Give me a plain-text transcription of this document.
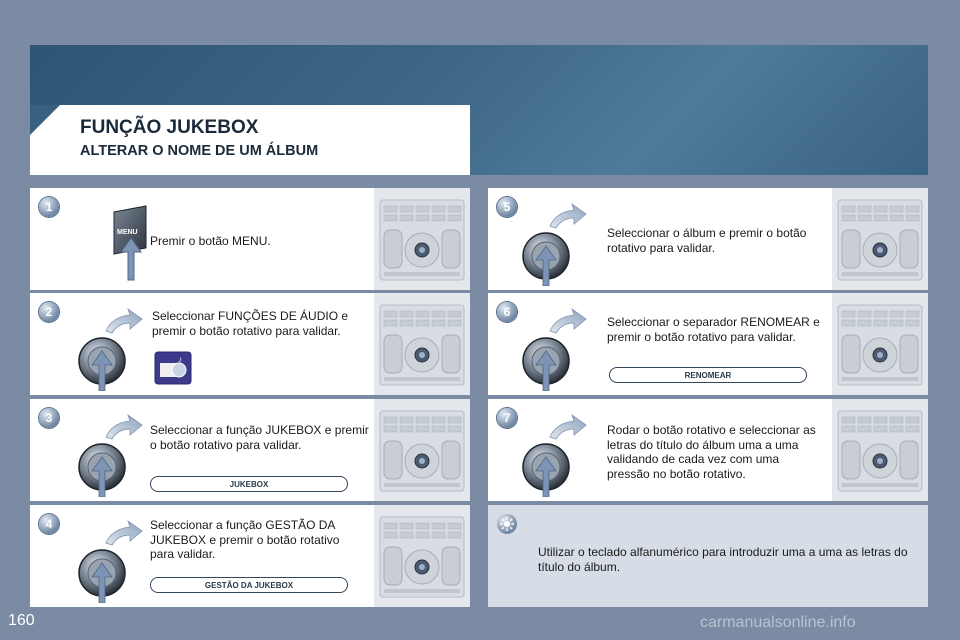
FUNÇÃO JUKEBOX
ALTERAR O NOME DE UM ÁLBUM
1
MENU
Premir o botão MENU.
2	Seleccionar FUNÇÕES DE ÁUDIO e premir o botão rotativo para validar.
♪
3
Seleccionar a função JUKEBOX e premir o botão rotativo para validar.
JUKEBOX
4	Seleccionar a função GESTÃO DA JUKEBOX e premir o botão rotativo para validar.
GESTÃO DA JUKEBOX
5
Seleccionar o álbum e premir o botão rotativo para validar.
6
Seleccionar o separador RENOMEAR e premir o botão rotativo para validar.
RENOMEAR
7
Rodar o botão rotativo e seleccionar as letras do título do álbum uma a uma validando de cada vez com uma pressão no botão rotativo.
Utilizar o teclado alfanumérico para introduzir uma a uma as letras do título do álbum.
160	carmanualsonline.info
